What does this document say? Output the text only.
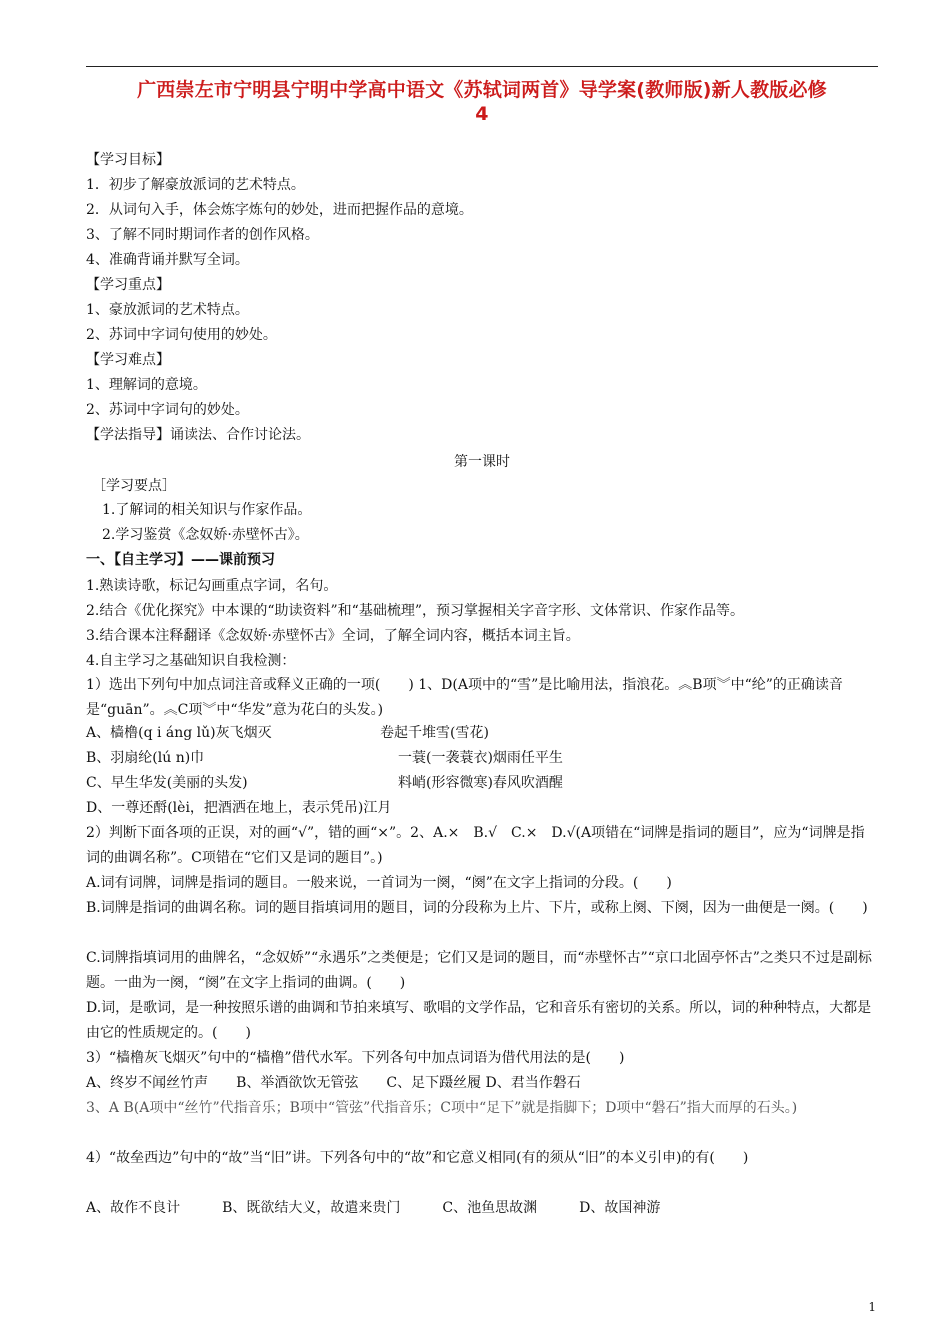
广西崇左市宁明县宁明中学高中语文《苏轼词两首》导学案(教师版)新人教版必修
4
【学习目标】
1．初步了解豪放派词的艺术特点。
2．从词句入手，体会炼字炼句的妙处，进而把握作品的意境。
3、了解不同时期词作者的创作风格。
4、准确背诵并默写全词。
【学习重点】
1、豪放派词的艺术特点。
2、苏词中字词句使用的妙处。
【学习难点】
1、理解词的意境。
2、苏词中字词句的妙处。
【学法指导】诵读法、合作讨论法。
第一课时
［学习要点］
1.了解词的相关知识与作家作品。
2.学习鉴赏《念奴娇·赤壁怀古》。
一、【自主学习】——课前预习
1.熟读诗歌，标记勾画重点字词，名句。
2.结合《优化探究》中本课的“助读资料”和“基础梳理”，预习掌握相关字音字形、文体常识、作家作品等。
3.结合课本注释翻译《念奴娇·赤壁怀古》全词，了解全词内容，概括本词主旨。
4.自主学习之基础知识自我检测：
1）选出下列句中加点词注音或释义正确的一项(　　) 1、D(A项中的“雪”是比喻用法，指浪花。︽B项︾中“纶”的正确读音是“guān”。︽C项︾中“华发”意为花白的头发。)
A、樯橹(q i áng lǔ)灰飞烟灭	卷起千堆雪(雪花)
B、羽扇纶(lú n)巾	一蓑(一袭蓑衣)烟雨任平生
C、早生华发(美丽的头发)	料峭(形容微寒)春风吹酒醒
D、一尊还酹(lèi，把酒洒在地上，表示凭吊)江月
2）判断下面各项的正误，对的画“√”，错的画“×”。2、A.×　B.√　C.×　D.√(A项错在“词牌是指词的题目”，应为“词牌是指词的曲调名称”。C项错在“它们又是词的题目”。)
A.词有词牌，词牌是指词的题目。一般来说，一首词为一阕，“阕”在文字上指词的分段。(　　)
B.词牌是指词的曲调名称。词的题目指填词用的题目，词的分段称为上片、下片，或称上阕、下阕，因为一曲便是一阕。(　　)
C.词牌指填词用的曲牌名，“念奴娇”“永遇乐”之类便是；它们又是词的题目，而“赤壁怀古”“京口北固亭怀古”之类只不过是副标题。一曲为一阕，“阕”在文字上指词的曲调。(　　)
D.词，是歌词，是一种按照乐谱的曲调和节拍来填写、歌唱的文学作品，它和音乐有密切的关系。所以，词的种种特点，大都是由它的性质规定的。(　　)
3）“樯橹灰飞烟灭”句中的“樯橹”借代水军。下列各句中加点词语为借代用法的是(　　)
A、终岁不闻丝竹声　　B、举酒欲饮无管弦　　C、足下蹑丝履 D、君当作磐石
3、A B(A项中“丝竹”代指音乐；B项中“管弦”代指音乐；C项中“足下”就是指脚下；D项中“磐石”指大而厚的石头。)
4）“故垒西边”句中的“故”当“旧”讲。下列各句中的“故”和它意义相同(有的须从“旧”的本义引申)的有(　　)
A、故作不良计　　　B、既欲结大义，故遣来贵门　　　C、池鱼思故渊　　　D、故国神游
1
